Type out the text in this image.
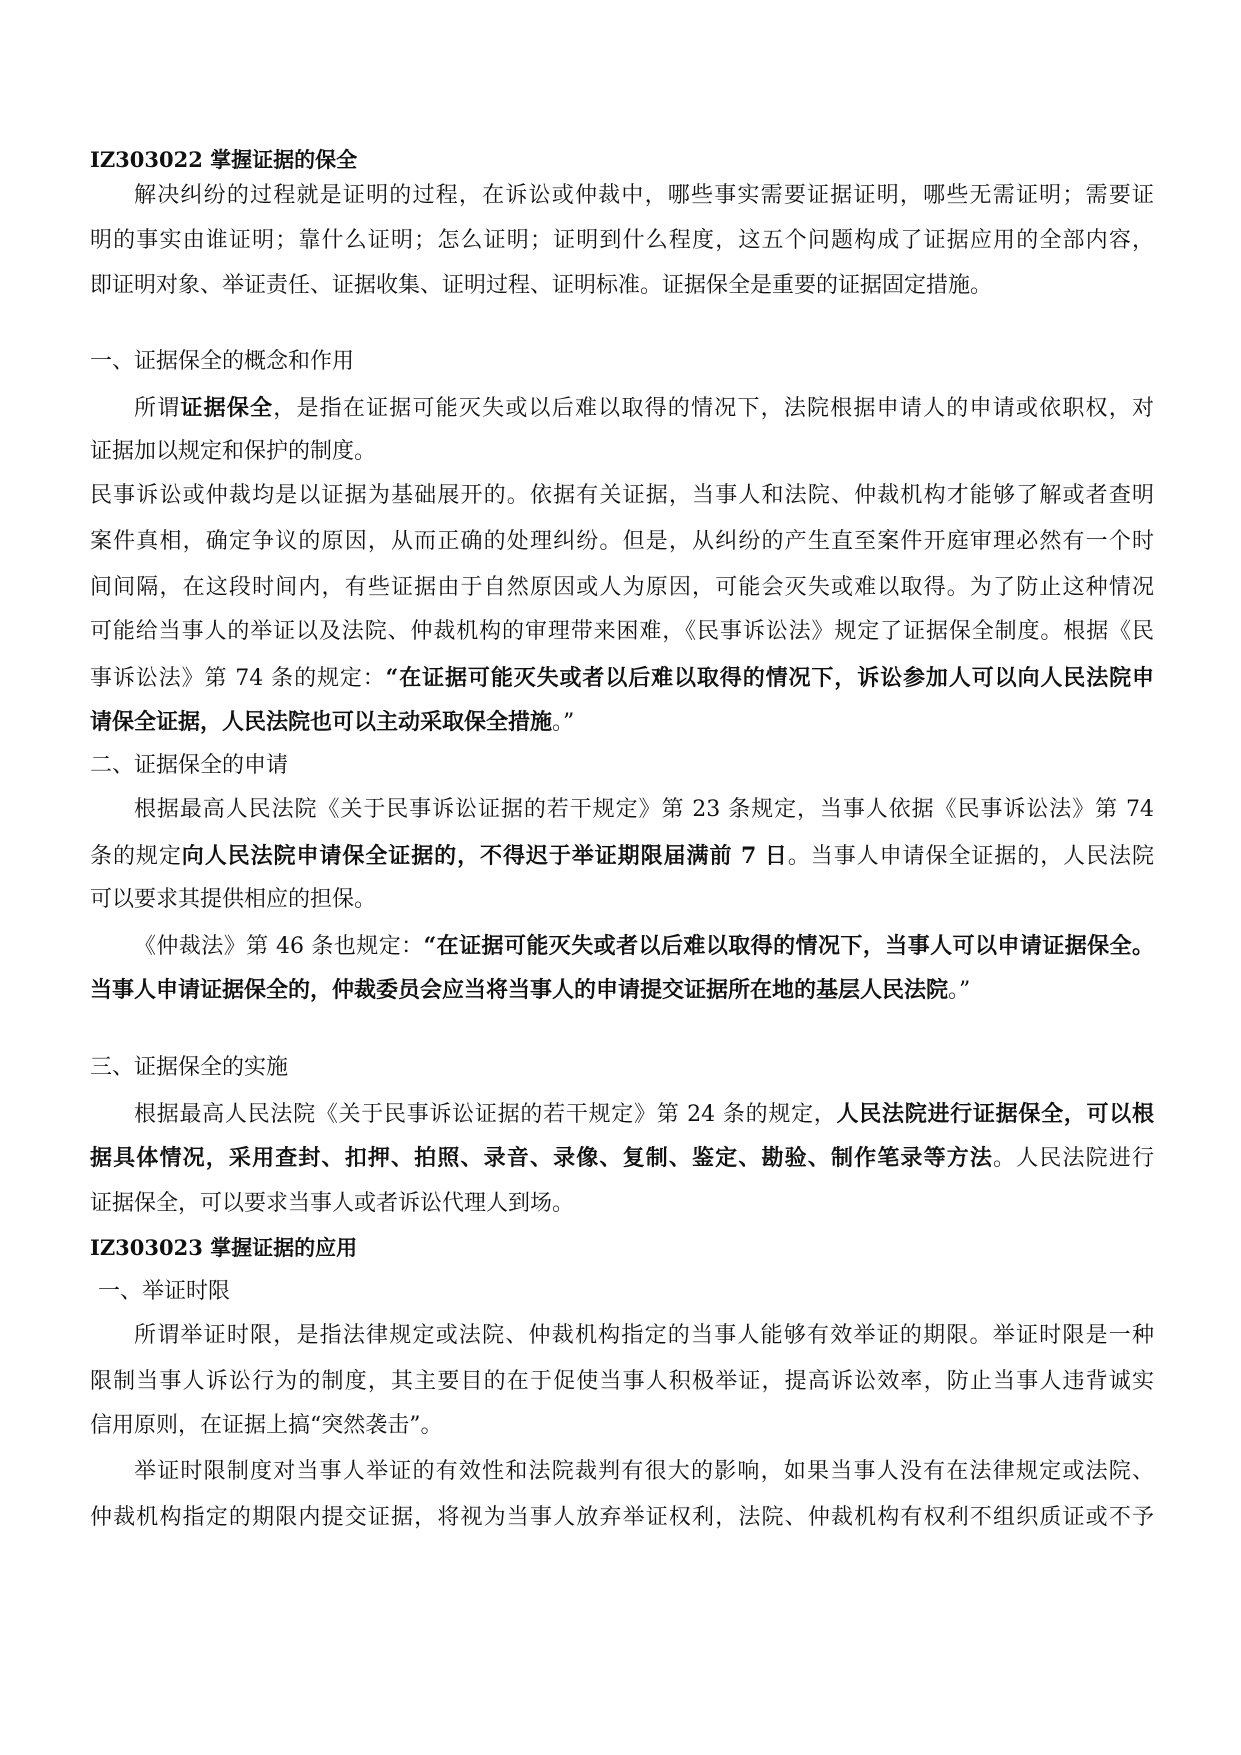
IZ303022 掌握证据的保全
解决纠纷的过程就是证明的过程，在诉讼或仲裁中，哪些事实需要证据证明，哪些无需证明；需要证
明的事实由谁证明；靠什么证明；怎么证明；证明到什么程度，这五个问题构成了证据应用的全部内容，
即证明对象、举证责任、证据收集、证明过程、证明标准。证据保全是重要的证据固定措施。
一、证据保全的概念和作用
所谓证据保全，是指在证据可能灭失或以后难以取得的情况下，法院根据申请人的申请或依职权，对
证据加以规定和保护的制度。
民事诉讼或仲裁均是以证据为基础展开的。依据有关证据，当事人和法院、仲裁机构才能够了解或者查明
案件真相，确定争议的原因，从而正确的处理纠纷。但是，从纠纷的产生直至案件开庭审理必然有一个时
间间隔，在这段时间内，有些证据由于自然原因或人为原因，可能会灭失或难以取得。为了防止这种情况
可能给当事人的举证以及法院、仲裁机构的审理带来困难，《民事诉讼法》规定了证据保全制度。根据《民
事诉讼法》第 74 条的规定：“在证据可能灭失或者以后难以取得的情况下，诉讼参加人可以向人民法院申
请保全证据，人民法院也可以主动采取保全措施。”
二、证据保全的申请
根据最高人民法院《关于民事诉讼证据的若干规定》第 23 条规定，当事人依据《民事诉讼法》第 74
条的规定向人民法院申请保全证据的，不得迟于举证期限届满前 7 日。当事人申请保全证据的，人民法院
可以要求其提供相应的担保。
《仲裁法》第 46 条也规定：“在证据可能灭失或者以后难以取得的情况下，当事人可以申请证据保全。
当事人申请证据保全的，仲裁委员会应当将当事人的申请提交证据所在地的基层人民法院。”
三、证据保全的实施
根据最高人民法院《关于民事诉讼证据的若干规定》第 24 条的规定，人民法院进行证据保全，可以根
据具体情况，采用查封、扣押、拍照、录音、录像、复制、鉴定、勘验、制作笔录等方法。人民法院进行
证据保全，可以要求当事人或者诉讼代理人到场。
IZ303023 掌握证据的应用
一、举证时限
所谓举证时限，是指法律规定或法院、仲裁机构指定的当事人能够有效举证的期限。举证时限是一种
限制当事人诉讼行为的制度，其主要目的在于促使当事人积极举证，提高诉讼效率，防止当事人违背诚实
信用原则，在证据上搞“突然袭击”。
举证时限制度对当事人举证的有效性和法院裁判有很大的影响，如果当事人没有在法律规定或法院、
仲裁机构指定的期限内提交证据，将视为当事人放弃举证权利，法院、仲裁机构有权利不组织质证或不予
